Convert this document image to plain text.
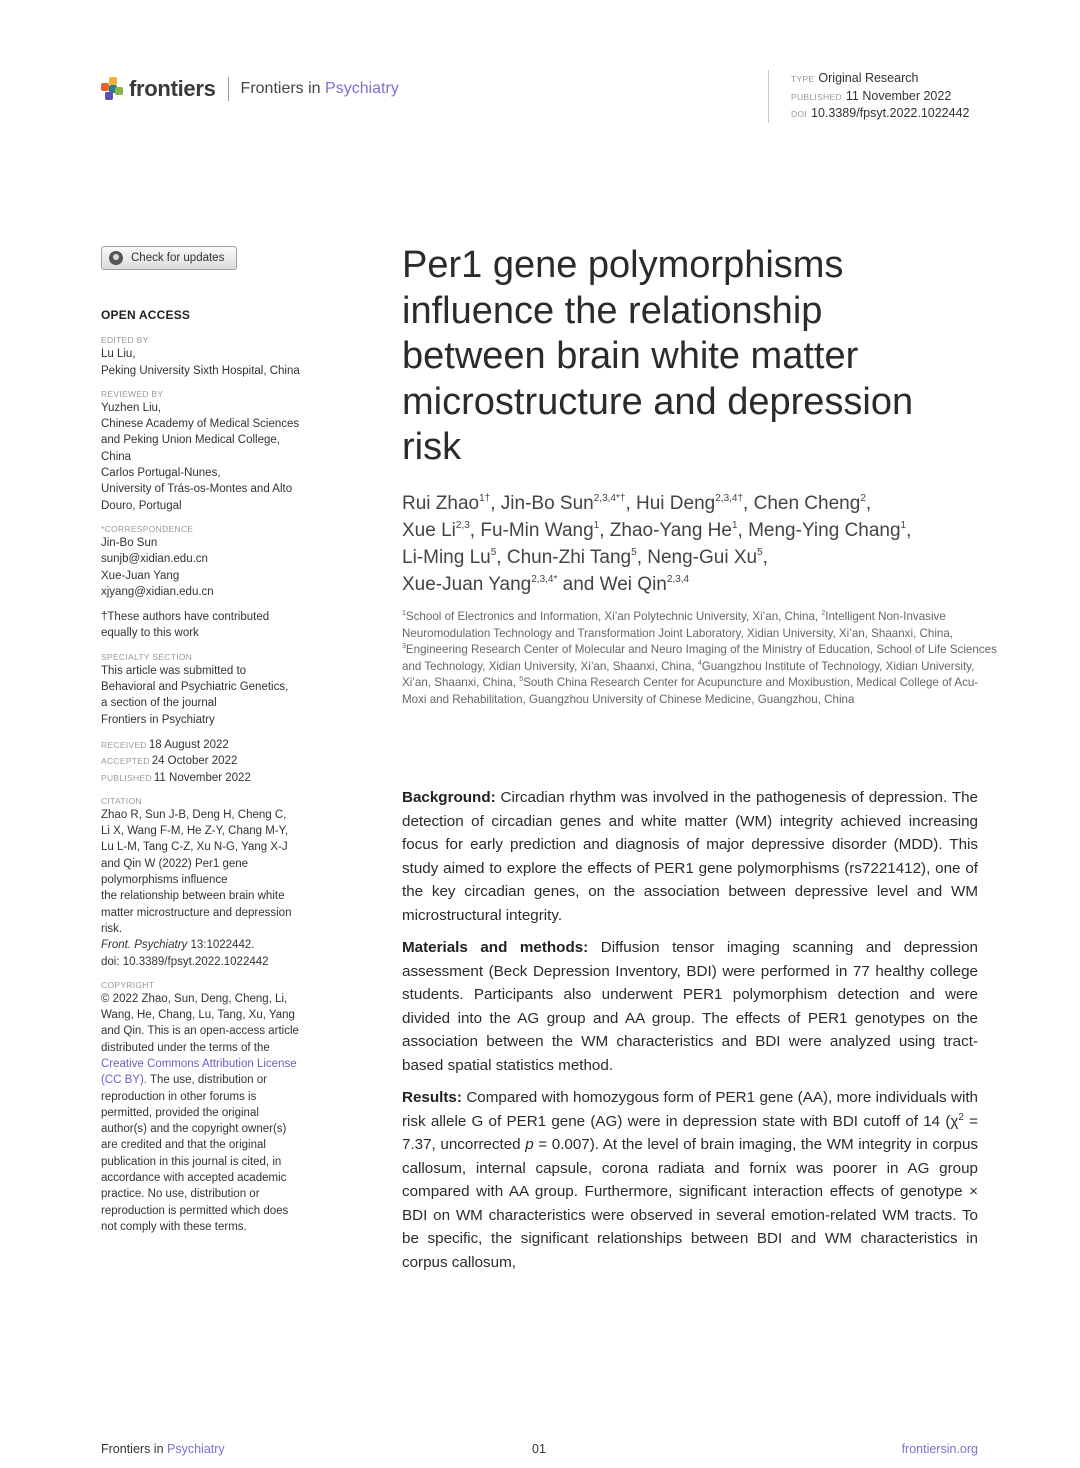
frontiers Frontiers in Psychiatry
TYPE Original Research
PUBLISHED 11 November 2022
DOI 10.3389/fpsyt.2022.1022442
Check for updates
OPEN ACCESS
EDITED BY
Lu Liu,
Peking University Sixth Hospital, China
REVIEWED BY
Yuzhen Liu,
Chinese Academy of Medical Sciences
and Peking Union Medical College,
China
Carlos Portugal-Nunes,
University of Trás-os-Montes and Alto
Douro, Portugal
*CORRESPONDENCE
Jin-Bo Sun
sunjb@xidian.edu.cn
Xue-Juan Yang
xjyang@xidian.edu.cn
†These authors have contributed
equally to this work
SPECIALTY SECTION
This article was submitted to
Behavioral and Psychiatric Genetics,
a section of the journal
Frontiers in Psychiatry
RECEIVED 18 August 2022
ACCEPTED 24 October 2022
PUBLISHED 11 November 2022
CITATION
Zhao R, Sun J-B, Deng H, Cheng C,
Li X, Wang F-M, He Z-Y, Chang M-Y,
Lu L-M, Tang C-Z, Xu N-G, Yang X-J
and Qin W (2022) Per1 gene
polymorphisms influence
the relationship between brain white
matter microstructure and depression
risk.
Front. Psychiatry 13:1022442.
doi: 10.3389/fpsyt.2022.1022442
COPYRIGHT
© 2022 Zhao, Sun, Deng, Cheng, Li,
Wang, He, Chang, Lu, Tang, Xu, Yang
and Qin. This is an open-access article
distributed under the terms of the
Creative Commons Attribution License
(CC BY). The use, distribution or
reproduction in other forums is
permitted, provided the original
author(s) and the copyright owner(s)
are credited and that the original
publication in this journal is cited, in
accordance with accepted academic
practice. No use, distribution or
reproduction is permitted which does
not comply with these terms.
Per1 gene polymorphisms
influence the relationship
between brain white matter
microstructure and depression
risk
Rui Zhao$^{1\dagger}$, Jin-Bo Sun$^{2,3,4*\dagger}$, Hui Deng$^{2,3,4\dagger}$, Chen Cheng$^2$,
Xue Li$^{2,3}$, Fu-Min Wang$^1$, Zhao-Yang He$^1$, Meng-Ying Chang$^1$,
Li-Ming Lu$^5$, Chun-Zhi Tang$^5$, Neng-Gui Xu$^5$,
Xue-Juan Yang$^{2,3,4*}$ and Wei Qin$^{2,3,4}$
$^1$School of Electronics and Information, Xi’an Polytechnic University, Xi’an, China, $^2$Intelligent Non-Invasive Neuromodulation Technology and Transformation Joint Laboratory, Xidian University, Xi’an, Shaanxi, China, $^3$Engineering Research Center of Molecular and Neuro Imaging of the Ministry of Education, School of Life Sciences and Technology, Xidian University, Xi’an, Shaanxi, China, $^4$Guangzhou Institute of Technology, Xidian University, Xi’an, Shaanxi, China, $^5$South China Research Center for Acupuncture and Moxibustion, Medical College of Acu-Moxi and Rehabilitation, Guangzhou University of Chinese Medicine, Guangzhou, China
Background: Circadian rhythm was involved in the pathogenesis of depression. The detection of circadian genes and white matter (WM) integrity achieved increasing focus for early prediction and diagnosis of major depressive disorder (MDD). This study aimed to explore the effects of PER1 gene polymorphisms (rs7221412), one of the key circadian genes, on the association between depressive level and WM microstructural integrity.
Materials and methods: Diffusion tensor imaging scanning and depression assessment (Beck Depression Inventory, BDI) were performed in 77 healthy college students. Participants also underwent PER1 polymorphism detection and were divided into the AG group and AA group. The effects of PER1 genotypes on the association between the WM characteristics and BDI were analyzed using tract-based spatial statistics method.
Results: Compared with homozygous form of PER1 gene (AA), more individuals with risk allele G of PER1 gene (AG) were in depression state with BDI cutoff of 14 ($\chi^2 = 7.37$, uncorrected p = 0.007). At the level of brain imaging, the WM integrity in corpus callosum, internal capsule, corona radiata and fornix was poorer in AG group compared with AA group. Furthermore, significant interaction effects of genotype × BDI on WM characteristics were observed in several emotion-related WM tracts. To be specific, the significant relationships between BDI and WM characteristics in corpus callosum,
Frontiers in Psychiatry	01	frontiersin.org
